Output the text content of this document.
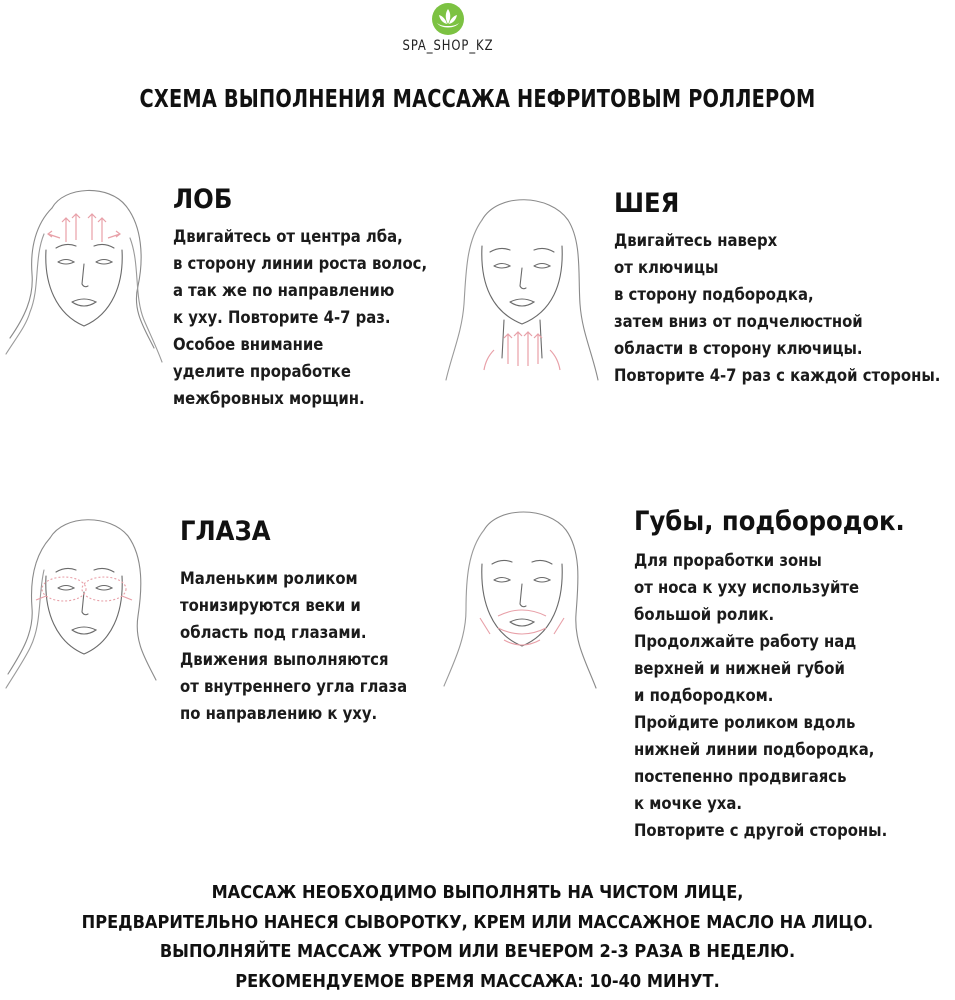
SPA_SHOP_KZ
СХЕМА ВЫПОЛНЕНИЯ МАССАЖА НЕФРИТОВЫМ РОЛЛЕРОМ
ЛОБ
Двигайтесь от центра лба,
в сторону линии роста волос,
а так же по направлению
к уху. Повторите 4-7 раз.
Особое внимание
уделите проработке
межбровных морщин.
ШЕЯ
Двигайтесь наверх
от ключицы
в сторону подбородка,
затем вниз от подчелюстной
области в сторону ключицы.
Повторите 4-7 раз с каждой стороны.
ГЛАЗА
Маленьким роликом
тонизируются веки и
область под глазами.
Движения выполняются
от внутреннего угла глаза
по направлению к уху.
Губы, подбородок.
Для проработки зоны
от носа к уху используйте
большой ролик.
Продолжайте работу над
верхней и нижней губой
и подбородком.
Пройдите роликом вдоль
нижней линии подбородка,
постепенно продвигаясь
к мочке уха.
Повторите с другой стороны.
МАССАЖ НЕОБХОДИМО ВЫПОЛНЯТЬ НА ЧИСТОМ ЛИЦЕ,
ПРЕДВАРИТЕЛЬНО НАНЕСЯ СЫВОРОТКУ, КРЕМ ИЛИ МАССАЖНОЕ МАСЛО НА ЛИЦО.
ВЫПОЛНЯЙТЕ МАССАЖ УТРОМ ИЛИ ВЕЧЕРОМ 2-3 РАЗА В НЕДЕЛЮ.
РЕКОМЕНДУЕМОЕ ВРЕМЯ МАССАЖА: 10-40 МИНУТ.
